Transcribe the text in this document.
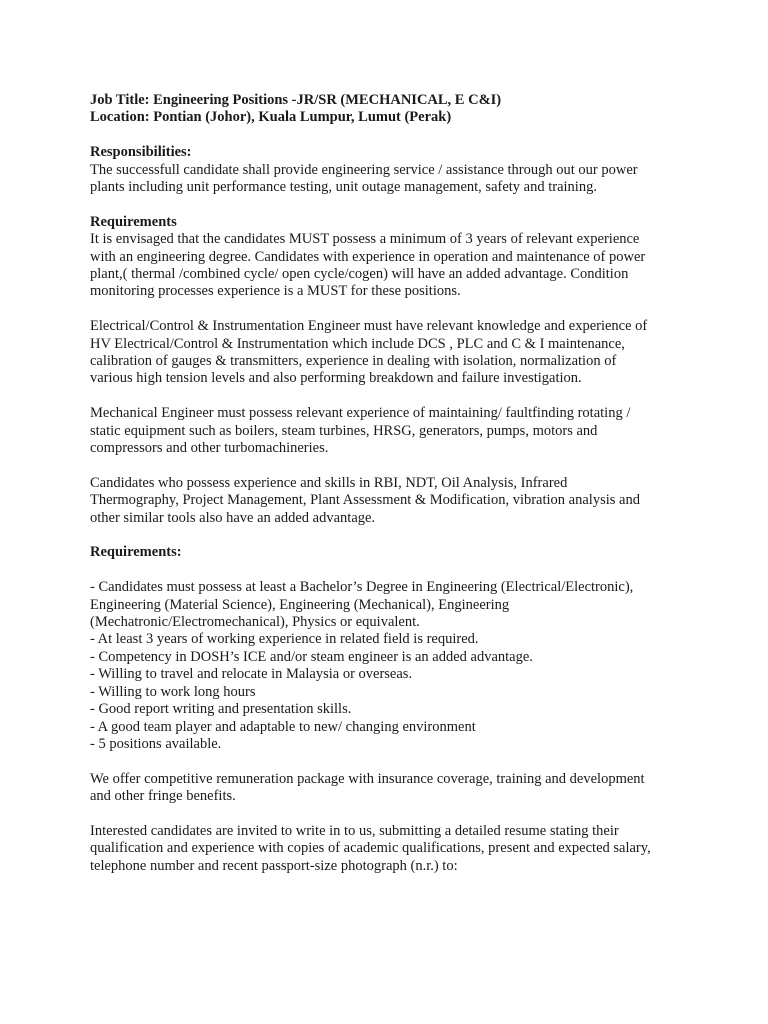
Job Title: Engineering Positions -JR/SR (MECHANICAL, E C&I)
Location: Pontian (Johor), Kuala Lumpur, Lumut (Perak)
Responsibilities:
The successfull candidate shall provide engineering service / assistance through out our power
plants including unit performance testing, unit outage management, safety and training.
Requirements
It is envisaged that the candidates MUST possess a minimum of 3 years of relevant experience
with an engineering degree. Candidates with experience in operation and maintenance of power
plant,( thermal /combined cycle/ open cycle/cogen) will have an added advantage. Condition
monitoring processes experience is a MUST for these positions.
Electrical/Control & Instrumentation Engineer must have relevant knowledge and experience of
HV Electrical/Control & Instrumentation which include DCS , PLC and C & I maintenance,
calibration of gauges & transmitters, experience in dealing with isolation, normalization of
various high tension levels and also performing breakdown and failure investigation.
Mechanical Engineer must possess relevant experience of maintaining/ faultfinding rotating /
static equipment such as boilers, steam turbines, HRSG, generators, pumps, motors and
compressors and other turbomachineries.
Candidates who possess experience and skills in RBI, NDT, Oil Analysis, Infrared
Thermography, Project Management, Plant Assessment & Modification, vibration analysis and
other similar tools also have an added advantage.
Requirements:
- Candidates must possess at least a Bachelor’s Degree in Engineering (Electrical/Electronic),
Engineering (Material Science), Engineering (Mechanical), Engineering
(Mechatronic/Electromechanical), Physics or equivalent.
- At least 3 years of working experience in related field is required.
- Competency in DOSH’s ICE and/or steam engineer is an added advantage.
- Willing to travel and relocate in Malaysia or overseas.
- Willing to work long hours
- Good report writing and presentation skills.
- A good team player and adaptable to new/ changing environment
- 5 positions available.
We offer competitive remuneration package with insurance coverage, training and development
and other fringe benefits.
Interested candidates are invited to write in to us, submitting a detailed resume stating their
qualification and experience with copies of academic qualifications, present and expected salary,
telephone number and recent passport-size photograph (n.r.) to:
